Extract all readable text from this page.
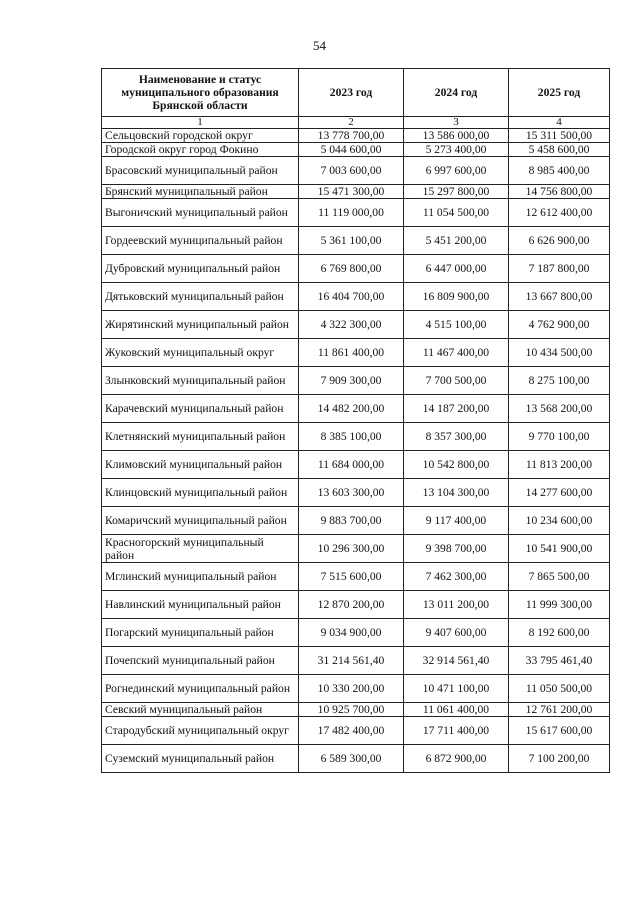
54
Наименование и статус муниципального образования Брянской области	2023 год	2024 год	2025 год
1	2	3	4
Сельцовский городской округ	13 778 700,00	13 586 000,00	15 311 500,00
Городской округ город Фокино	5 044 600,00	5 273 400,00	5 458 600,00
Брасовский муниципальный район	7 003 600,00	6 997 600,00	8 985 400,00
Брянский муниципальный район	15 471 300,00	15 297 800,00	14 756 800,00
Выгоничский муниципальный район	11 119 000,00	11 054 500,00	12 612 400,00
Гордеевский муниципальный район	5 361 100,00	5 451 200,00	6 626 900,00
Дубровский муниципальный район	6 769 800,00	6 447 000,00	7 187 800,00
Дятьковский муниципальный район	16 404 700,00	16 809 900,00	13 667 800,00
Жирятинский муниципальный район	4 322 300,00	4 515 100,00	4 762 900,00
Жуковский муниципальный округ	11 861 400,00	11 467 400,00	10 434 500,00
Злынковский муниципальный район	7 909 300,00	7 700 500,00	8 275 100,00
Карачевский муниципальный район	14 482 200,00	14 187 200,00	13 568 200,00
Клетнянский муниципальный район	8 385 100,00	8 357 300,00	9 770 100,00
Климовский муниципальный район	11 684 000,00	10 542 800,00	11 813 200,00
Клинцовский муниципальный район	13 603 300,00	13 104 300,00	14 277 600,00
Комаричский муниципальный район	9 883 700,00	9 117 400,00	10 234 600,00
Красногорский муниципальный район	10 296 300,00	9 398 700,00	10 541 900,00
Мглинский муниципальный район	7 515 600,00	7 462 300,00	7 865 500,00
Навлинский муниципальный район	12 870 200,00	13 011 200,00	11 999 300,00
Погарский муниципальный район	9 034 900,00	9 407 600,00	8 192 600,00
Почепский муниципальный район	31 214 561,40	32 914 561,40	33 795 461,40
Рогнединский муниципальный район	10 330 200,00	10 471 100,00	11 050 500,00
Севский муниципальный район	10 925 700,00	11 061 400,00	12 761 200,00
Стародубский муниципальный округ	17 482 400,00	17 711 400,00	15 617 600,00
Суземский муниципальный район	6 589 300,00	6 872 900,00	7 100 200,00
